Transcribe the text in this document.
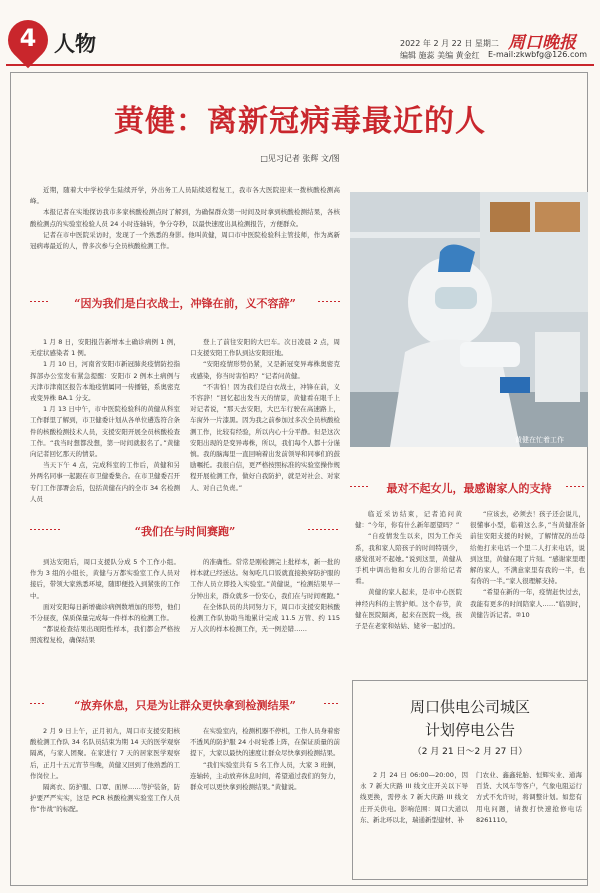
4 人物	2022 年 2 月 22 日 星期二
编辑 施蕊 美编 黄金红
周口晚报
E-mail:zkwbfg@126.com
黄健：离新冠病毒最近的人
□见习记者 张辉 文/图

近期，随着大中学校学生陆续开学，外出务工人员陆续返程复工，我市各大医院迎来一拨核酸检测高峰。

本报记者在实地探访我市多家核酸检测点时了解到，为确保群众第一时间及时拿到核酸检测结果，各核酸检测点的实验室检验人员 24 小时连轴转，争分夺秒，以最快速度出具检测报告，方便群众。

记者在市中医院采访时，发现了一个熟悉的身影。他叫黄健，周口市中医院检验科主管技师，作为离新冠病毒最近的人，曾多次参与全员核酸检测工作。

黄健在忙着工作
“因为我们是白衣战士，冲锋在前，义不容辞”

1 月 8 日，安阳报告新增本土确诊病例 1 例，无症状感染者 1 例。

1 月 10 日，河南省安阳市新冠肺炎疫情防控指挥部办公室发布紧急提醒：安阳市 2 例本土病例与天津市津南区报告本地疫情属同一传播链，系奥密克戎变异株 BA.1 分支。

1 月 13 日中午，市中医院检验科的黄健从科室工作群里了解到，市卫健委计划从各单位遴选符合条件的核酸检测技术人员，支援安阳开展全员核酸检查工作。“我当时想都没想，第一时间就报名了。”黄健向记者回忆那天的情景。

当天下午 4 点，完成科室的工作后，黄健和另外两名同事一起跟在市卫健委集合。在市卫健委召开专门工作部署会后，包括黄健在内的全市 34 名检测人员

登上了前往安阳的大巴车。次日凌晨 2 点，周口支援安阳工作队到达安阳驻地。

“安阳疫情形势仍紧，又是新冠变异毒株奥密克戎感染，你当时害怕吗？”记者问黄健。

“不害怕！因为我们是白衣战士，冲锋在前，义不容辞！”回忆起出发当天的情景，黄健看在眼千上对记者说，“那天去安阳，大巴车行驶在高速路上，车窗外一片漆黑。因为我之前参加过多次全员核酸检测工作，比较有经验，所以内心十分平静。但是这次安阳出现的是变异毒株，所以，我们每个人都十分谨慎。我的脑海里一直回响着出发前领导和同事们的鼓励嘱托。我很自信，更严格按照标准的实验室操作规程开展检测工作，做好自我防护，就是对社会、对家人、对自己负责。”	最对不起女儿，最感谢家人的支持

临近采访结束，记者追问黄健：“今年，你有什么新年愿望吗？”

“自疫情发生以来，因为工作关系，我和家人陪孩子的时间特别少，感觉很对不起她。”说到这里，黄健从手机中调出他和女儿的合影给记者看。

黄健的家人起来，是市中心医院神经内科的主管护师。这个春节，黄健在医院隔离，起来在医院一线，孩子是在老家和姑姑、姥爷一起过的。

“应该去，必须去！孩子还会说儿，很懂事小型，临着这么多，”当黄健准备前往安阳支援的时候，了解情况的岳母给他打来电话一个里二人打来电话，说到这里，黄健在眼了片刻。“感谢家里理解的家人，不满意家里有我的一半，也有你的一半。”家人很理解支持。

“希望在新的一年，疫情赶快过去，我能有更多的时间陪家人……”临别时，黄健告诉记者。②10

“我们在与时间赛跑”

到达安阳后，周口支援队分成 5 个工作小组。作为 3 组的小组长，黄健与万都实验室工作人员对接后，带领大家熟悉环境，随即便投入到紧张的工作中。

面对安阳每日新增确诊病例数增加的形势，他们不分昼夜，保质保量完成每一件样本的检测工作。

“都说检查结果出现阳性样本，我们都会严格按照流程复检，确保结果

的准确性。常常是刚检测完上批样本，新一批的样本就已经送达。匆匆吃几口饭就直接换穿防护服的工作人员立即投入实验室。”黄健说，“检测结果早一分钟出来，群众就多一份安心，我们在与时间赛跑。”

在全体队员的共同努力下，周口市支援安阳核酸检测工作队协助当地累计完成 11.5 万管、约 115 万人次的样本检测工作，无一例差错……

“放弃休息，只是为让群众更快拿到检测结果”

2 月 9 日上午，正月初九，周口市支援安阳核酸检测工作队 34 名队员结束为期 14 天的医学观察隔离，与家人团聚。在家进行 7 天的居家医学观察后，正月十五元宵节当晚，黄健又回到了他熟悉的工作岗位上。

隔离衣、防护服、口罩、面屏……等护装备，防护要严严实实，这是 PCR 核酸检测实验室工作人员作“作战”的标配。

在实验室内，检测机器不停机，工作人员身着密不透风的防护服 24 小时轮番上阵，在保证质量的前提下，大家以最快的速度让群众尽快拿到检测结果。

“我们实验室共有 5 名工作人员，大家 3 班倒，连轴转，主动放弃休息时间，希望通过我们的努力，群众可以更快拿到检测结果。”黄健说。

周口供电公司城区
计划停电公告
（2 月 21 日～2 月 27 日）

2 月 24 日 06:00—20:00，因永 7 新大庆路 III 线文庄开关以下导线更换，需停永 7 新大庆路 III 线文庄开关供电。影响范围：周口大道以东、新北环以北，瑞通新型建材、补

门农业、鑫鑫轮胎、恒辉实业、通海百货、大风车等客户，气象电阻运行方式不允许时，将调整计划。如您有用电问题，请拨打快速抢修电话 8261110。
